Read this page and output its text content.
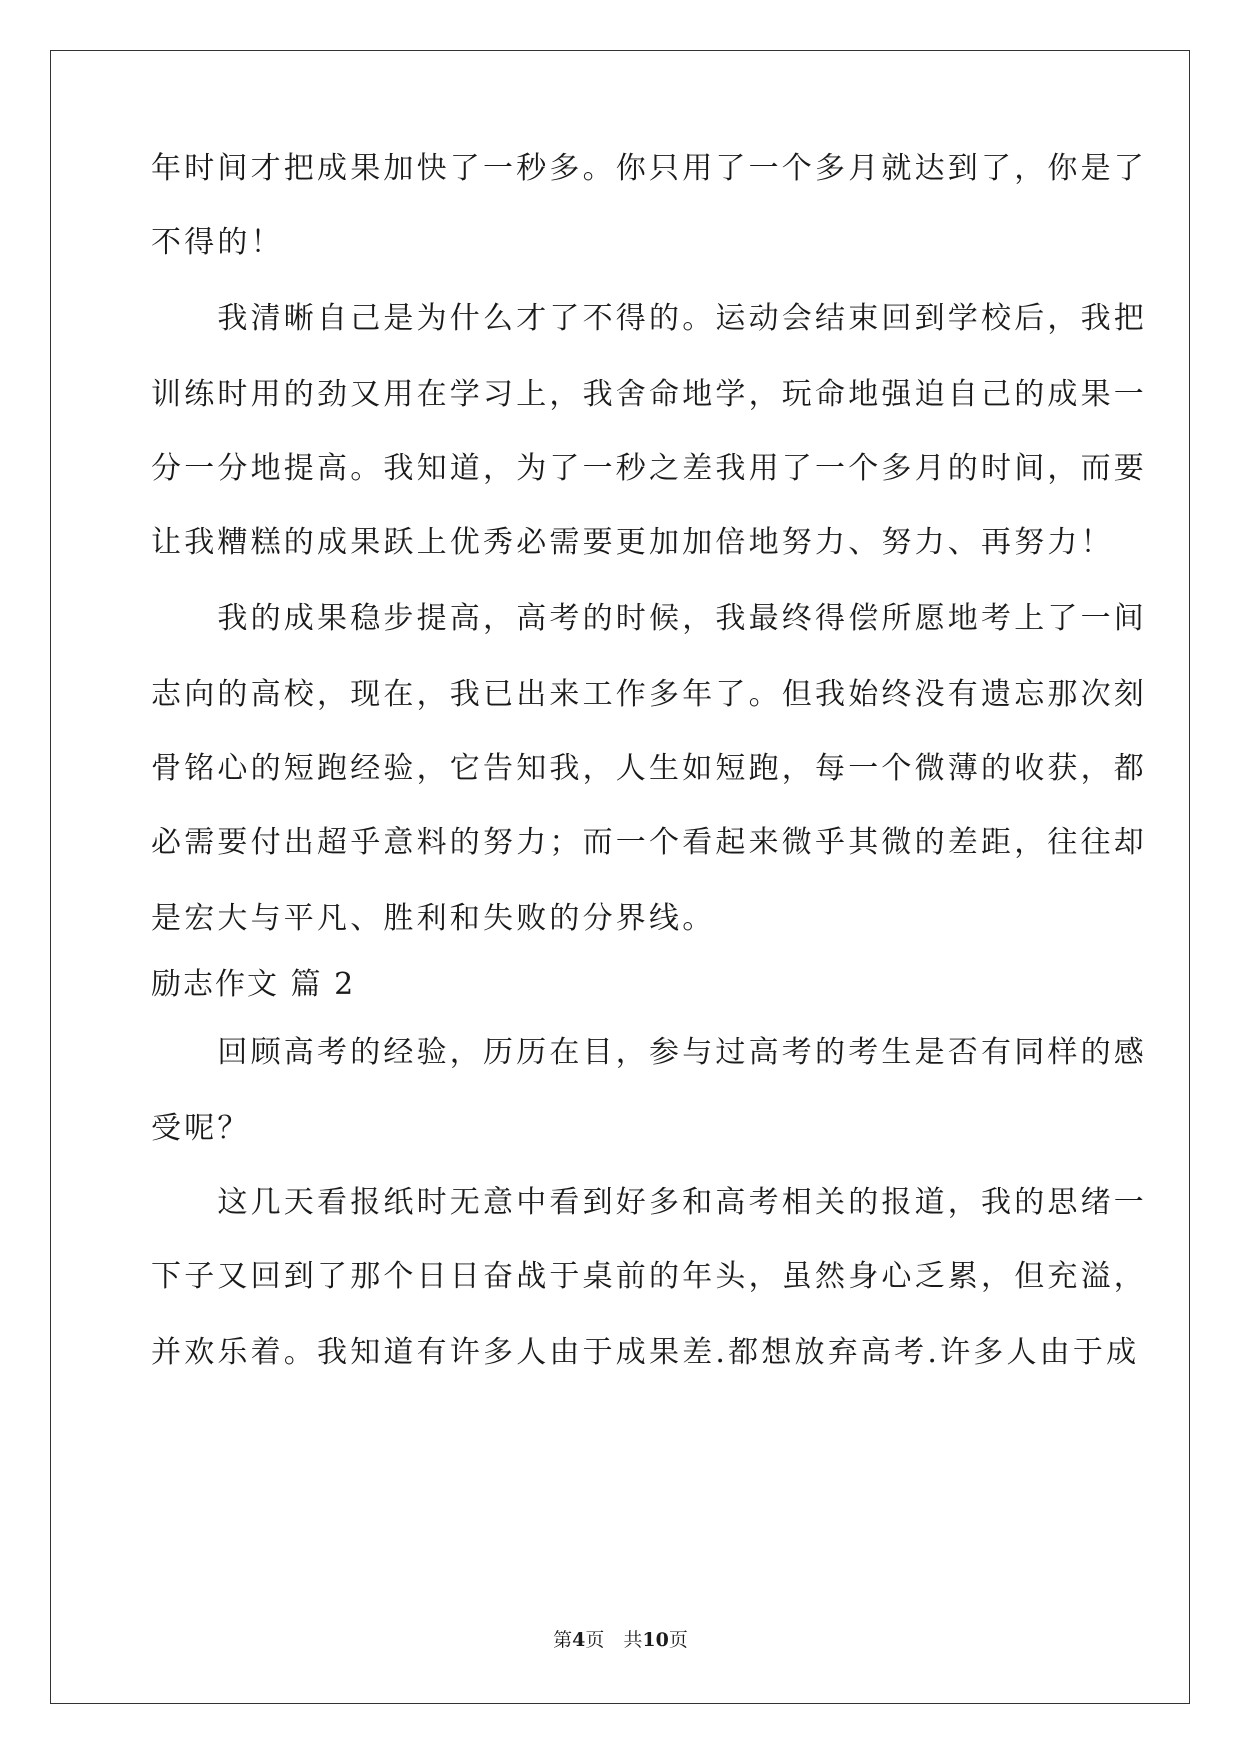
年时间才把成果加快了一秒多。你只用了一个多月就达到了，你是了
不得的！
　　我清晰自己是为什么才了不得的。运动会结束回到学校后，我把
训练时用的劲又用在学习上，我舍命地学，玩命地强迫自己的成果一
分一分地提高。我知道，为了一秒之差我用了一个多月的时间，而要
让我糟糕的成果跃上优秀必需要更加加倍地努力、努力、再努力！
　　我的成果稳步提高，高考的时候，我最终得偿所愿地考上了一间
志向的高校，现在，我已出来工作多年了。但我始终没有遗忘那次刻
骨铭心的短跑经验，它告知我，人生如短跑，每一个微薄的收获，都
必需要付出超乎意料的努力；而一个看起来微乎其微的差距，往往却
是宏大与平凡、胜利和失败的分界线。
励志作文 篇 2
　　回顾高考的经验，历历在目，参与过高考的考生是否有同样的感
受呢？
　　这几天看报纸时无意中看到好多和高考相关的报道，我的思绪一
下子又回到了那个日日奋战于桌前的年头，虽然身心乏累，但充溢，
并欢乐着。我知道有许多人由于成果差.都想放弃高考.许多人由于成
第4页　共10页
